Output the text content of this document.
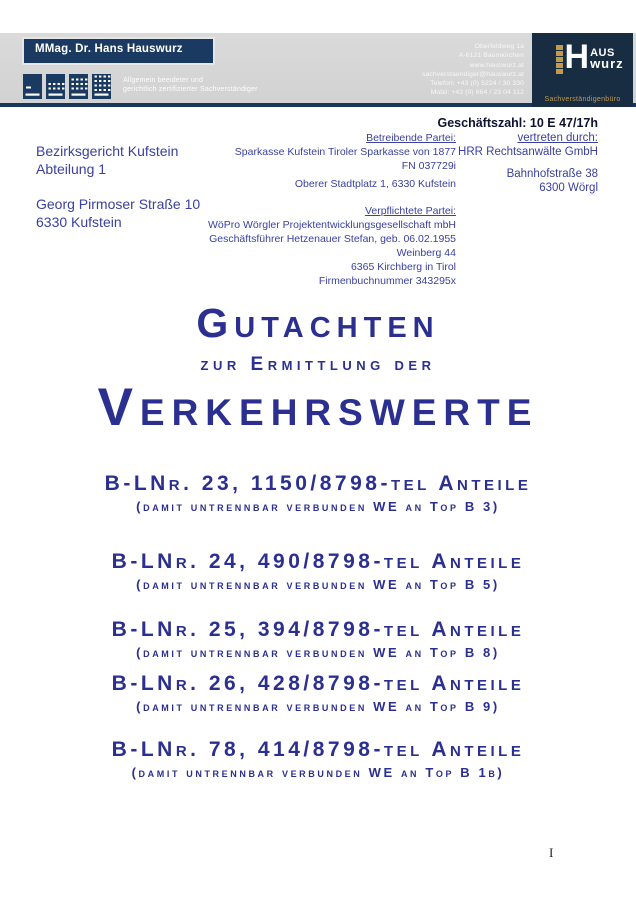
MMag. Dr. Hans Hauswurz
Allgemein beeideter und
gerichtlich zertifizierter Sachverständiger
Oberfeldweg 1a
A-6121 Baumkirchen
www.hauswurz.at
sachverstaendiger@hauswurz.at
Telefon: +43 (0) 5224 / 30 330
Mobil: +43 (0) 664 / 23 04 112
H AUS
wurz
Sachverständigenbüro
Geschäftszahl: 10 E 47/17h
Bezirksgericht Kufstein
Abteilung 1
Georg Pirmoser Straße 10
6330 Kufstein
Betreibende Partei:
Sparkasse Kufstein Tiroler Sparkasse von 1877
FN 037729i
Oberer Stadtplatz 1, 6330 Kufstein
Verpflichtete Partei:
WöPro Wörgler Projektentwicklungsgesellschaft mbH
Geschäftsführer Hetzenauer Stefan, geb. 06.02.1955
Weinberg 44
6365 Kirchberg in Tirol
Firmenbuchnummer 343295x
vertreten durch:
HRR Rechtsanwälte GmbH
Bahnhofstraße 38
6300 Wörgl
Gutachten
zur Ermittlung der
Verkehrswerte
B-LNr. 23, 1150/8798-tel Anteile
(damit untrennbar verbunden WE an Top B 3)
B-LNr. 24, 490/8798-tel Anteile
(damit untrennbar verbunden WE an Top B 5)
B-LNr. 25, 394/8798-tel Anteile
(damit untrennbar verbunden WE an Top B 8)
B-LNr. 26, 428/8798-tel Anteile
(damit untrennbar verbunden WE an Top B 9)
B-LNr. 78, 414/8798-tel Anteile
(damit untrennbar verbunden WE an Top B 1b)
I
